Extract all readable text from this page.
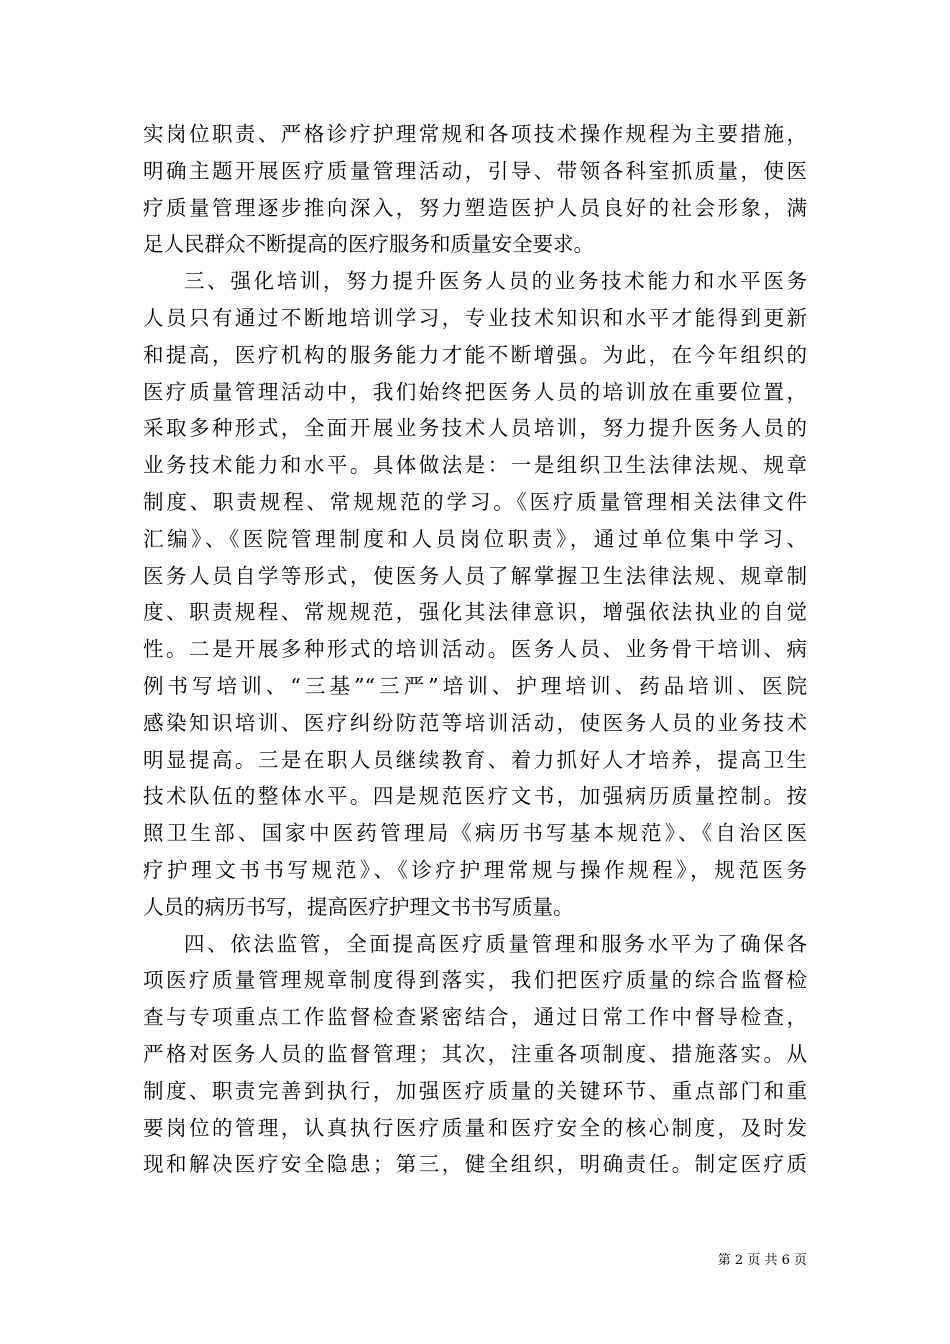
实岗位职责、严格诊疗护理常规和各项技术操作规程为主要措施，
明确主题开展医疗质量管理活动，引导、带领各科室抓质量，使医
疗质量管理逐步推向深入，努力塑造医护人员良好的社会形象，满
足人民群众不断提高的医疗服务和质量安全要求。
三、强化培训，努力提升医务人员的业务技术能力和水平医务
人员只有通过不断地培训学习，专业技术知识和水平才能得到更新
和提高，医疗机构的服务能力才能不断增强。为此，在今年组织的
医疗质量管理活动中，我们始终把医务人员的培训放在重要位置，
采取多种形式，全面开展业务技术人员培训，努力提升医务人员的
业务技术能力和水平。具体做法是：一是组织卫生法律法规、规章
制度、职责规程、常规规范的学习。《医疗质量管理相关法律文件
汇编》、《医院管理制度和人员岗位职责》，通过单位集中学习、
医务人员自学等形式，使医务人员了解掌握卫生法律法规、规章制
度、职责规程、常规规范，强化其法律意识，增强依法执业的自觉
性。二是开展多种形式的培训活动。医务人员、业务骨干培训、病
例书写培训、“三基”“三严”培训、护理培训、药品培训、医院
感染知识培训、医疗纠纷防范等培训活动，使医务人员的业务技术
明显提高。三是在职人员继续教育、着力抓好人才培养，提高卫生
技术队伍的整体水平。四是规范医疗文书，加强病历质量控制。按
照卫生部、国家中医药管理局《病历书写基本规范》、《自治区医
疗护理文书书写规范》、《诊疗护理常规与操作规程》，规范医务
人员的病历书写，提高医疗护理文书书写质量。
四、依法监管，全面提高医疗质量管理和服务水平为了确保各
项医疗质量管理规章制度得到落实，我们把医疗质量的综合监督检
查与专项重点工作监督检查紧密结合，通过日常工作中督导检查，
严格对医务人员的监督管理；其次，注重各项制度、措施落实。从
制度、职责完善到执行，加强医疗质量的关键环节、重点部门和重
要岗位的管理，认真执行医疗质量和医疗安全的核心制度，及时发
现和解决医疗安全隐患；第三，健全组织，明确责任。制定医疗质
第 2 页 共 6 页
